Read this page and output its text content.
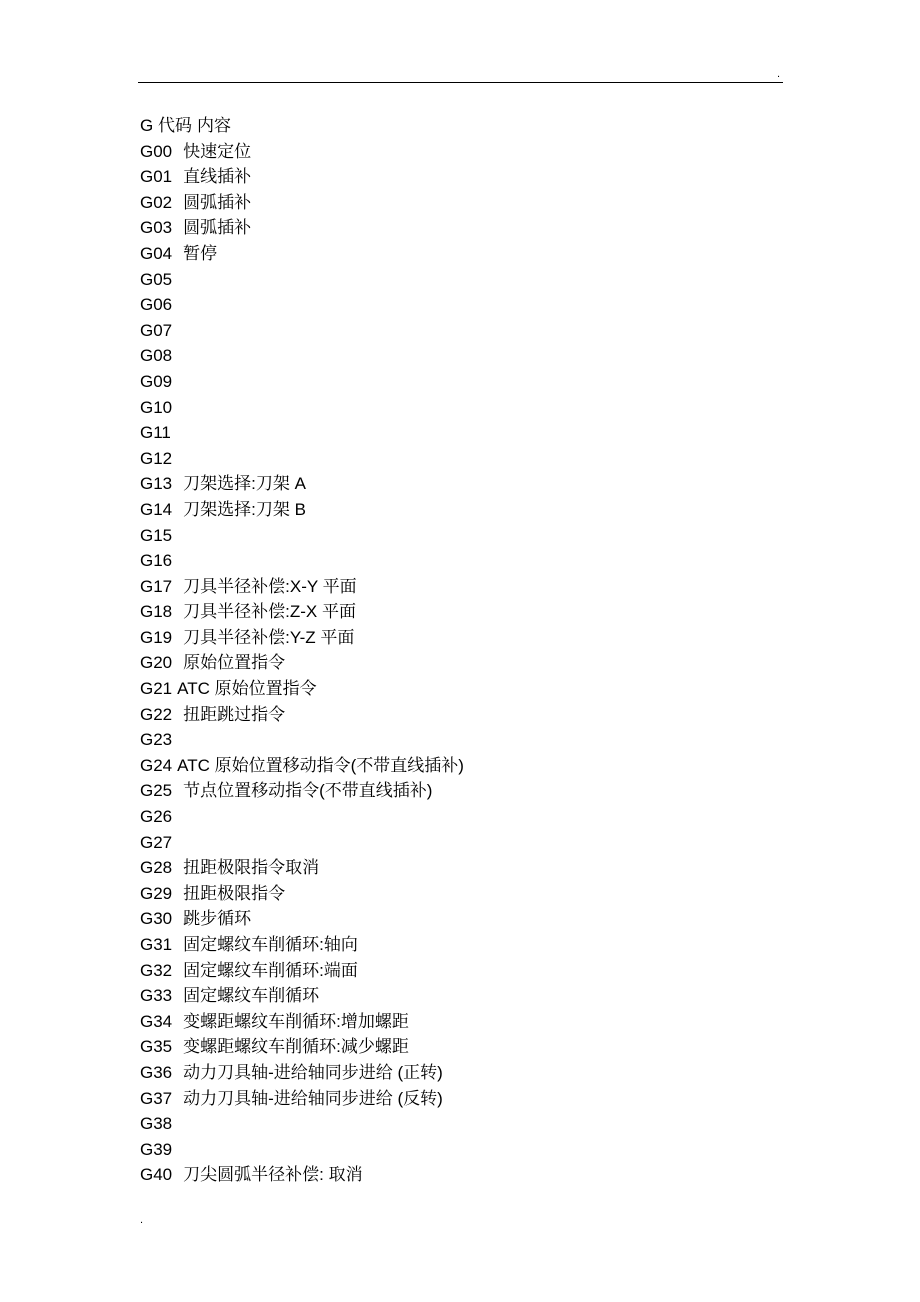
.
G 代码 内容
G00 快速定位
G01 直线插补
G02 圆弧插补
G03 圆弧插补
G04 暂停
G05
G06
G07
G08
G09
G10
G11
G12
G13 刀架选择:刀架 A
G14 刀架选择:刀架 B
G15
G16
G17 刀具半径补偿:X-Y 平面
G18 刀具半径补偿:Z-X 平面
G19 刀具半径补偿:Y-Z 平面
G20 原始位置指令
G21 ATC 原始位置指令
G22 扭距跳过指令
G23
G24 ATC 原始位置移动指令(不带直线插补)
G25 节点位置移动指令(不带直线插补)
G26
G27
G28 扭距极限指令取消
G29 扭距极限指令
G30 跳步循环
G31 固定螺纹车削循环:轴向
G32 固定螺纹车削循环:端面
G33 固定螺纹车削循环
G34 变螺距螺纹车削循环:增加螺距
G35 变螺距螺纹车削循环:减少螺距
G36 动力刀具轴-进给轴同步进给 (正转)
G37 动力刀具轴-进给轴同步进给 (反转)
G38
G39
G40 刀尖圆弧半径补偿: 取消
.
